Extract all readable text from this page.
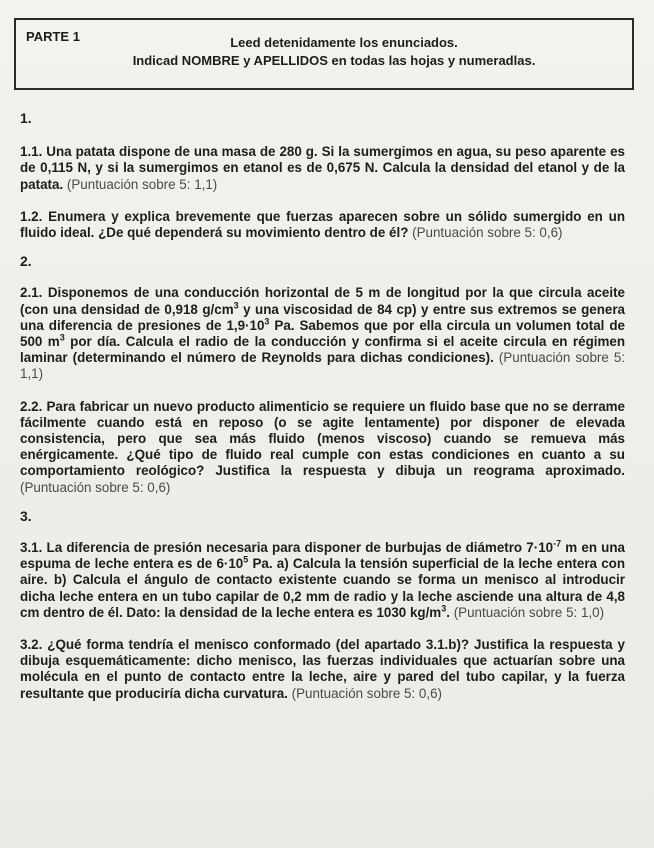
PARTE 1	Leed detenidamente los enunciados.
Indicad NOMBRE y APELLIDOS en todas las hojas y numeradlas.

1.

1.1. Una patata dispone de una masa de 280 g. Si la sumergimos en agua, su peso aparente es de 0,115 N, y si la sumergimos en etanol es de 0,675 N. Calcula la densidad del etanol y de la patata. (Puntuación sobre 5: 1,1)

1.2. Enumera y explica brevemente que fuerzas aparecen sobre un sólido sumergido en un fluido ideal. ¿De qué dependerá su movimiento dentro de él? (Puntuación sobre 5: 0,6)

2.

2.1. Disponemos de una conducción horizontal de 5 m de longitud por la que circula aceite (con una densidad de 0,918 $g/cm^3$ y una viscosidad de 84 cp) y entre sus extremos se genera una diferencia de presiones de $1,9\cdot 10^3$ Pa. Sabemos que por ella circula un volumen total de 500 $m^3$ por día. Calcula el radio de la conducción y confirma si el aceite circula en régimen laminar (determinando el número de Reynolds para dichas condiciones). (Puntuación sobre 5: 1,1)

2.2. Para fabricar un nuevo producto alimenticio se requiere un fluido base que no se derrame fácilmente cuando está en reposo (o se agite lentamente) por disponer de elevada consistencia, pero que sea más fluido (menos viscoso) cuando se remueva más enérgicamente. ¿Qué tipo de fluido real cumple con estas condiciones en cuanto a su comportamiento reológico? Justifica la respuesta y dibuja un reograma aproximado. (Puntuación sobre 5: 0,6)

3.

3.1. La diferencia de presión necesaria para disponer de burbujas de diámetro $7\cdot 10^{-7}$ m en una espuma de leche entera es de $6\cdot 10^5$ Pa. a) Calcula la tensión superficial de la leche entera con aire. b) Calcula el ángulo de contacto existente cuando se forma un menisco al introducir dicha leche entera en un tubo capilar de 0,2 mm de radio y la leche asciende una altura de 4,8 cm dentro de él. Dato: la densidad de la leche entera es 1030 $kg/m^3$. (Puntuación sobre 5: 1,0)

3.2. ¿Qué forma tendría el menisco conformado (del apartado 3.1.b)? Justifica la respuesta y dibuja esquemáticamente: dicho menisco, las fuerzas individuales que actuarían sobre una molécula en el punto de contacto entre la leche, aire y pared del tubo capilar, y la fuerza resultante que produciría dicha curvatura. (Puntuación sobre 5: 0,6)
